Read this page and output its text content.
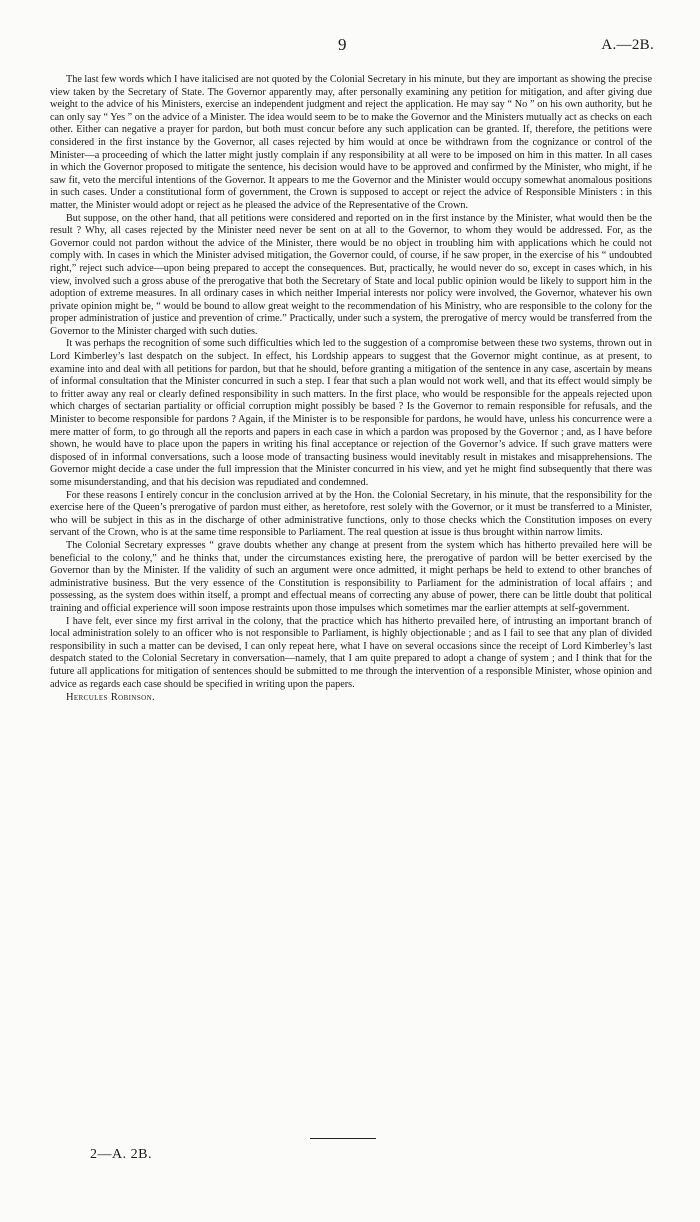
9	A.—2B.

The last few words which I have italicised are not quoted by the Colonial Secretary in his minute, but they are important as showing the precise view taken by the Secretary of State. The Governor apparently may, after personally examining any petition for mitigation, and after giving due weight to the advice of his Ministers, exercise an independent judgment and reject the application. He may say “ No ” on his own authority, but he can only say “ Yes ” on the advice of a Minister. The idea would seem to be to make the Governor and the Ministers mutually act as checks on each other. Either can negative a prayer for pardon, but both must concur before any such application can be granted. If, therefore, the petitions were considered in the first instance by the Governor, all cases rejected by him would at once be withdrawn from the cognizance or control of the Minister—a proceeding of which the latter might justly complain if any responsibility at all were to be imposed on him in this matter. In all cases in which the Governor proposed to mitigate the sentence, his decision would have to be approved and confirmed by the Minister, who might, if he saw fit, veto the merciful intentions of the Governor. It appears to me the Governor and the Minister would occupy somewhat anomalous positions in such cases. Under a constitutional form of government, the Crown is supposed to accept or reject the advice of Responsible Ministers : in this matter, the Minister would adopt or reject as he pleased the advice of the Representative of the Crown.

But suppose, on the other hand, that all petitions were considered and reported on in the first instance by the Minister, what would then be the result ? Why, all cases rejected by the Minister need never be sent on at all to the Governor, to whom they would be addressed. For, as the Governor could not pardon without the advice of the Minister, there would be no object in troubling him with applications which he could not comply with. In cases in which the Minister advised mitigation, the Governor could, of course, if he saw proper, in the exercise of his “ undoubted right,” reject such advice—upon being prepared to accept the consequences. But, practically, he would never do so, except in cases which, in his view, involved such a gross abuse of the prerogative that both the Secretary of State and local public opinion would be likely to support him in the adoption of extreme measures. In all ordinary cases in which neither Imperial interests nor policy were involved, the Governor, whatever his own private opinion might be, “ would be bound to allow great weight to the recommendation of his Ministry, who are responsible to the colony for the proper administration of justice and prevention of crime.” Practically, under such a system, the prerogative of mercy would be transferred from the Governor to the Minister charged with such duties.

It was perhaps the recognition of some such difficulties which led to the suggestion of a compromise between these two systems, thrown out in Lord Kimberley’s last despatch on the subject. In effect, his Lordship appears to suggest that the Governor might continue, as at present, to examine into and deal with all petitions for pardon, but that he should, before granting a mitigation of the sentence in any case, ascertain by means of informal consultation that the Minister concurred in such a step. I fear that such a plan would not work well, and that its effect would simply be to fritter away any real or clearly defined responsibility in such matters. In the first place, who would be responsible for the appeals rejected upon which charges of sectarian partiality or official corruption might possibly be based ? Is the Governor to remain responsible for refusals, and the Minister to become responsible for pardons ? Again, if the Minister is to be responsible for pardons, he would have, unless his concurrence were a mere matter of form, to go through all the reports and papers in each case in which a pardon was proposed by the Governor ; and, as I have before shown, he would have to place upon the papers in writing his final acceptance or rejection of the Governor’s advice. If such grave matters were disposed of in informal conversations, such a loose mode of transacting business would inevitably result in mistakes and misapprehensions. The Governor might decide a case under the full impression that the Minister concurred in his view, and yet he might find subsequently that there was some misunderstanding, and that his decision was repudiated and condemned.

For these reasons I entirely concur in the conclusion arrived at by the Hon. the Colonial Secretary, in his minute, that the responsibility for the exercise here of the Queen’s prerogative of pardon must either, as heretofore, rest solely with the Governor, or it must be transferred to a Minister, who will be subject in this as in the discharge of other administrative functions, only to those checks which the Constitution imposes on every servant of the Crown, who is at the same time responsible to Parliament. The real question at issue is thus brought within narrow limits.

The Colonial Secretary expresses “ grave doubts whether any change at present from the system which has hitherto prevailed here will be beneficial to the colony,” and he thinks that, under the circumstances existing here, the prerogative of pardon will be better exercised by the Governor than by the Minister. If the validity of such an argument were once admitted, it might perhaps be held to extend to other branches of administrative business. But the very essence of the Constitution is responsibility to Parliament for the administration of local affairs ; and possessing, as the system does within itself, a prompt and effectual means of correcting any abuse of power, there can be little doubt that political training and official experience will soon impose restraints upon those impulses which sometimes mar the earlier attempts at self-government.

I have felt, ever since my first arrival in the colony, that the practice which has hitherto prevailed here, of intrusting an important branch of local administration solely to an officer who is not responsible to Parliament, is highly objectionable ; and as I fail to see that any plan of divided responsibility in such a matter can be devised, I can only repeat here, what I have on several occasions since the receipt of Lord Kimberley’s last despatch stated to the Colonial Secretary in conversation—namely, that I am quite prepared to adopt a change of system ; and I think that for the future all applications for mitigation of sentences should be submitted to me through the intervention of a responsible Minister, whose opinion and advice as regards each case should be specified in writing upon the papers.

Hercules Robinson.

2—A. 2B.
